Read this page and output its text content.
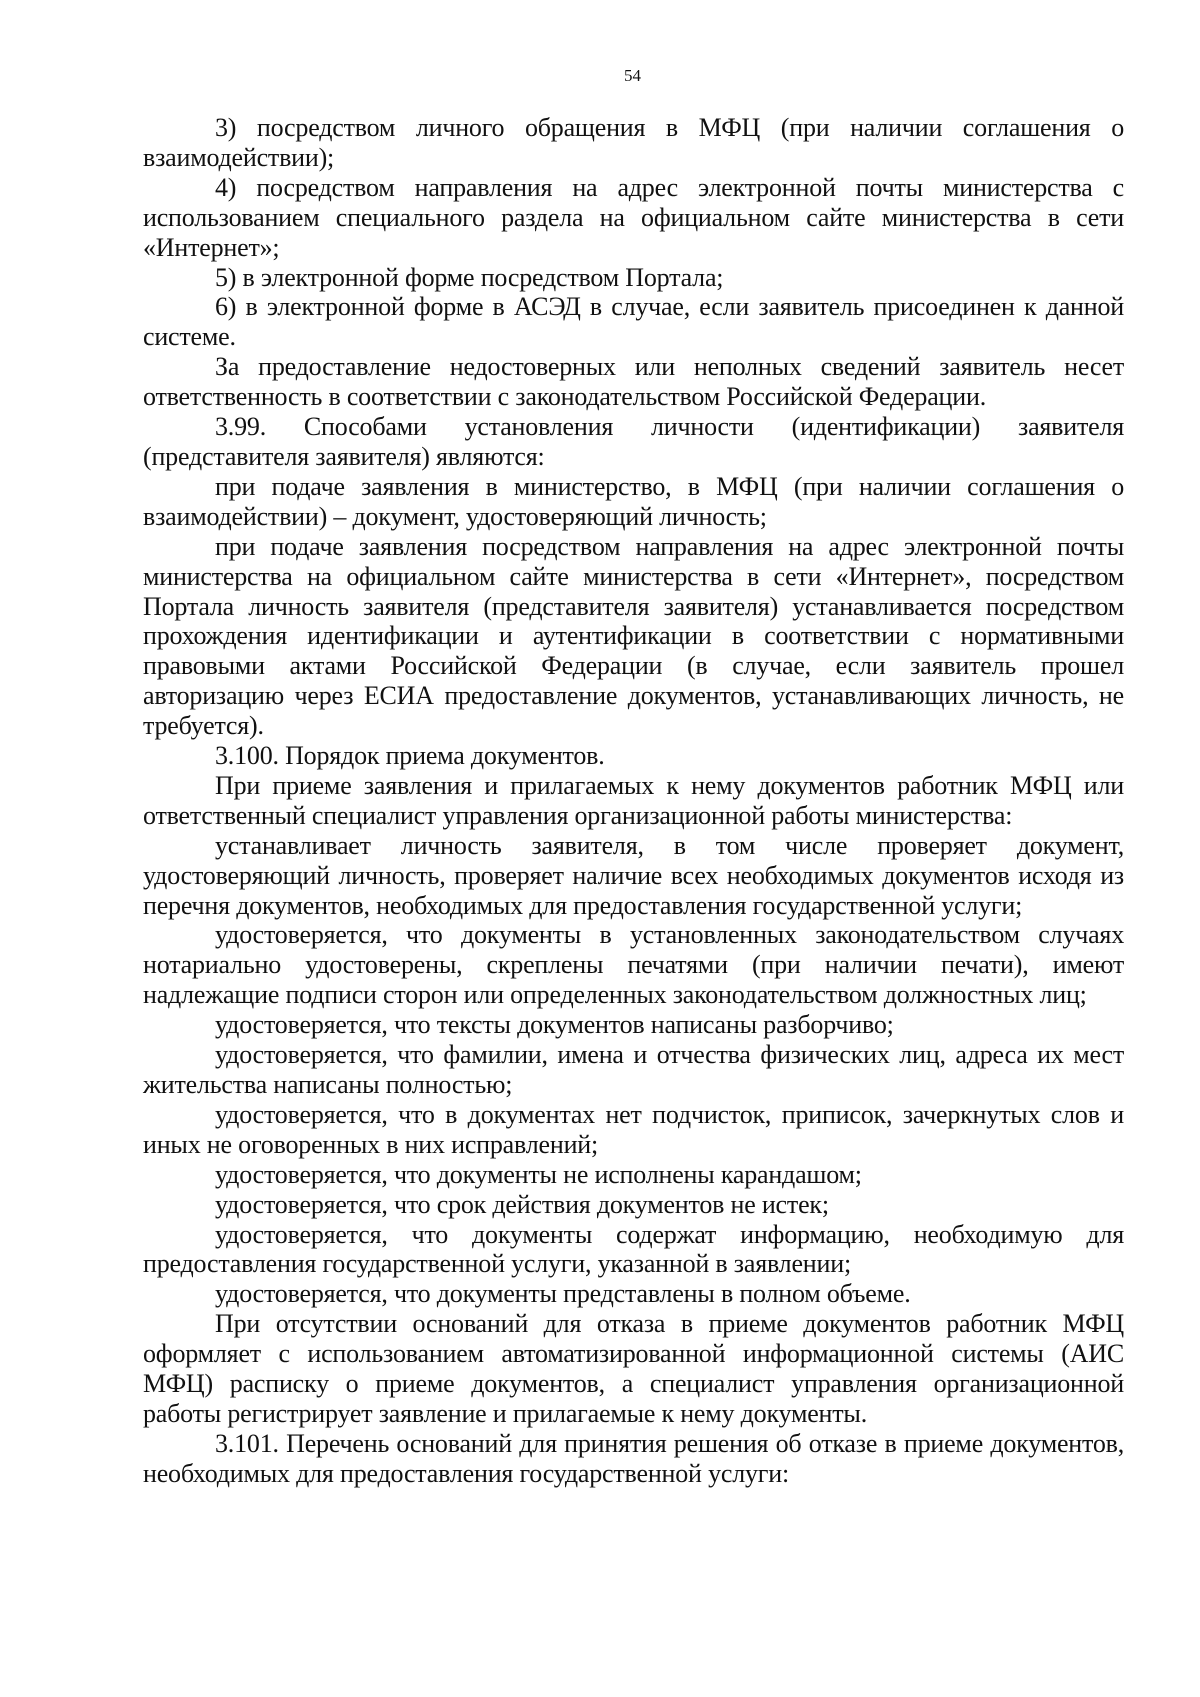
54

3) посредством личного обращения в МФЦ (при наличии соглашения о взаимодействии);

4) посредством направления на адрес электронной почты министерства с использованием специального раздела на официальном сайте министерства в сети «Интернет»;

5) в электронной форме посредством Портала;

6) в электронной форме в АСЭД в случае, если заявитель присоединен к данной системе.

За предоставление недостоверных или неполных сведений заявитель несет ответственность в соответствии с законодательством Российской Федерации.

3.99. Способами установления личности (идентификации) заявителя (представителя заявителя) являются:

при подаче заявления в министерство, в МФЦ (при наличии соглашения о взаимодействии) – документ, удостоверяющий личность;

при подаче заявления посредством направления на адрес электронной почты министерства на официальном сайте министерства в сети «Интернет», посредством Портала личность заявителя (представителя заявителя) устанавливается посредством прохождения идентификации и аутентификации в соответствии с нормативными правовыми актами Российской Федерации (в случае, если заявитель прошел авторизацию через ЕСИА предоставление документов, устанавливающих личность, не требуется).

3.100. Порядок приема документов.

При приеме заявления и прилагаемых к нему документов работник МФЦ или ответственный специалист управления организационной работы министерства:

устанавливает личность заявителя, в том числе проверяет документ, удостоверяющий личность, проверяет наличие всех необходимых документов исходя из перечня документов, необходимых для предоставления государственной услуги;

удостоверяется, что документы в установленных законодательством случаях нотариально удостоверены, скреплены печатями (при наличии печати), имеют надлежащие подписи сторон или определенных законодательством должностных лиц;

удостоверяется, что тексты документов написаны разборчиво;

удостоверяется, что фамилии, имена и отчества физических лиц, адреса их мест жительства написаны полностью;

удостоверяется, что в документах нет подчисток, приписок, зачеркнутых слов и иных не оговоренных в них исправлений;

удостоверяется, что документы не исполнены карандашом;

удостоверяется, что срок действия документов не истек;

удостоверяется, что документы содержат информацию, необходимую для предоставления государственной услуги, указанной в заявлении;

удостоверяется, что документы представлены в полном объеме.

При отсутствии оснований для отказа в приеме документов работник МФЦ оформляет с использованием автоматизированной информационной системы (АИС МФЦ) расписку о приеме документов, а специалист управления организационной работы регистрирует заявление и прилагаемые к нему документы.

3.101. Перечень оснований для принятия решения об отказе в приеме документов, необходимых для предоставления государственной услуги:
